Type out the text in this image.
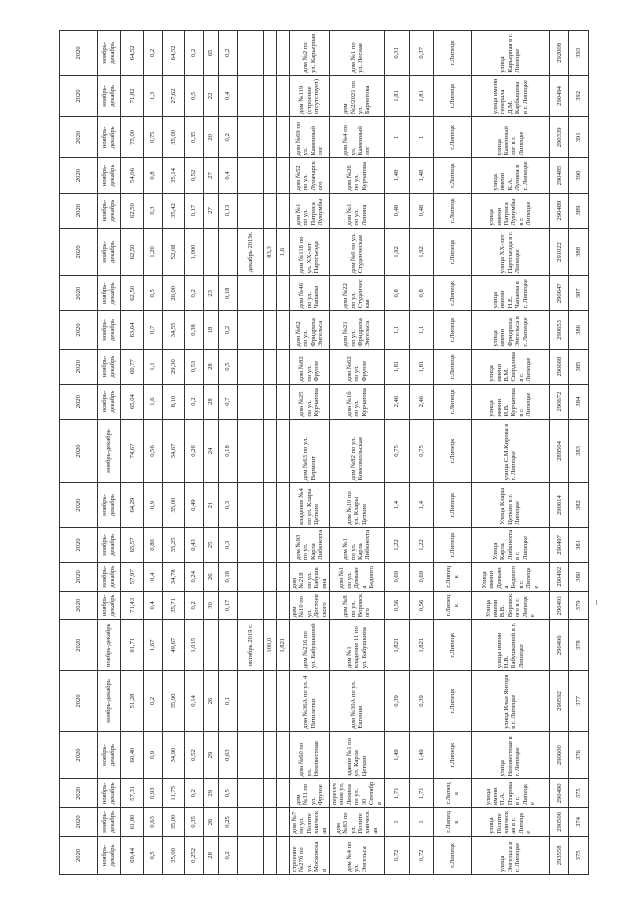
2020	2020	2020	2020	2020	2020	2020	2020	2020	2020	2020	2020	2020	2020	2020	2020	2020	2020	2020	2020	2020
ноябрь-декабрь	ноябрь-декабрь	ноябрь-декабрь	ноябрь-декабрь	ноябрь-декабрь	ноябрь-декабрь	ноябрь-декабрь	ноябрь-декабрь	ноябрь-декабрь	ноябрь-декабрь	ноябрь-декабрь	ноябрь-декабрь	ноябрь-декабрь	ноябрь-декабрь	ноябрь-декабрь	ноябрь-декабрь	ноябрь-декабрь	ноябрь-декабрь	ноябрь-декабрь	ноябрь-декабрь	ноябрь-декабрь
69,44	61,80	57,31	60,40	51,28	91,71	71,43	57,97	65,57	64,29	74,67	65,04	60,77	63,64	62,50	62,50	62,50	54,06	75,00	71,82	64,52
0,5	0,63	0,93	0,9	0,2	1,67	0,4	0,4	0,80	0,9	0,56	1,6	1,1	0,7	0,5	1,20	0,3	0,8	0,75	1,3	0,2
35,00	35,00	11,75	34,90	35,90	49,67	35,71	34,78	35,25	35,00	34,67	8,10	29,30	34,55	26,00	52,08	35,42	35,14	35,00	27,62	64,52
0,252	0,35	0,2	0,52	0,14	1,015	0,2	0,24	0,43	0,49	0,26	0,2	0,53	0,38	0,2	1,000	0,17	0,52	0,35	0,5	0,2
28	26	29	29	26		30	26	25	21	24	28	28	18	23		27	27	20	22	65
0,2	0,25	0,5	0,63	0,1		0,17	0,18	0,3	0,3	0,18	0,7	0,5	0,2	0,18		0,13	0,4	0,2	0,4	0,2
					октябрь 2019 г.										декабрь 2019г.					
					100,0										83,3					
					1,821										1,6					
строение №27б по ул. Московская	дом №7 по ул. Политехническая	дом №31 по ул. Фрунзе	дом №60 по ул. Неизвестная	дом №36А по ул. 4 Пятилетки	дом №216 по ул. Бабушкиной	дом №10 по ул. Достоевского	дом №218 по ул. Бабушкина	дом №93 по ул. Карла Либкнехта	владение №4 по ул. Клары Цеткин	дом №63 по ул. Вермонт	дом №25 по ул. Курчатова	дом №82 по ул. Фрунзе	дом №62 по ул. Фридриха Энгельса	дом №46 по ул. Чапаева	дом №118 по ул. XX-лет Партсъезда	дом №1 по ул. Патриса Лумумбы	дом №52 по ул. Луначарского	дом №69 по ул. Каменный лог	дом №119 (строение отсутствует)	дом №2 по ул. Карьерная
дом №4 по ул. Энгельса	дом №83 по ул. Политехническая	пересечение ул. Ленина по ул. 30 Сентября	здание №1 по ул. Карла Цеткин	дом №30А по ул. Евгения	дом №1 владение 11 по ул. Бабушкина	дом №8 по ул. Воровского	дом №1 по ул. Демьяна Бедного	дом №1 по ул. Карла Либкнехта	дом №10 по ул. Клары Цеткин	дом №82 по ул. Комсомольская	дом №1б по ул. Курчатова	дом №62 по ул. Фрунзе	дом №21 по ул. Фридриха Энгельса	дом №22 по ул. Студенческая	дом №6 по ул. Студенческая	дом №1 по ул. Ленина	дом №26 по ул. Курчатова	дом №4 по ул. Каменный лог	дом №2/2021 по ул. Барнетова	дом №1 по ул. Лесная
0,72	1	1,71	1,49	0,39	1,821	0,56	0,69	1,22	1,4	0,75	2,46	1,81	1,1	0,8	1,92	0,48	1,48	1	1,81	0,31
0,72	1	1,71	1,49	0,39	1,821	0,56	0,69	1,22	1,4	0,75	2,46	1,81	1,1	0,8	1,92	0,48	1,48	1	1,81	0,37
г.Липецк	г.Липецк	г.Липецк	г.Липецк	г.Липецк	г.Липецк	г.Липецк	г.Липецк	г.Липецк	г.Липецк	г.Липецк	г.Липецк	г.Липецк	г.Липецк	г.Липецк	г.Липецк	г.Липецк	г.Липецк	г.Липецк	г.Липецк	г.Липецк
улица Энгельса в г. Липецке	улица Политехническая в г. Липецке	улица имени П.А. Птарова в г. Липецке	улица Неизвестная в г. Липецке	улица Ильи Янгоря в г. Липецке	улица имени Н.В. Бабушкиной в г. Липецке	Улица имени В.В. Воровского в г. Липецке	Улица имени Демьяна Бедного в г. Липецке	Улица Карла Либкнехта в г. Липецке	Улица Клары Цеткин в г. Липецке	улица С.М.Кирова в г. Липецке	улица имени И.В. Курчатова в г. Липецке	улица имени В.М. Свердлова в г. Липецке	улица имени Фридриха Энгельса в г. Липецке	улица имени Н.Е. Чапаева в г. Липецке	улица XX-лет Партсъезда в г. Липецке	улица имени Патриса Лумумбы в г. Липецке	улица имени К.А. Лунина в г. Липецке	улица Каменный лог в г. Липецке	улица имени генерала Д.М. Карбышева в г. Липецке	улица Карьерная в г. Липецке
293558	290506	290490	290600	290592	290496	290491	290492	290497	290614	289504	290672	290668	290653	290647	291022	290489	290485	290339	290494	292008
375	374	375	376	377	378	379	380	381	382	383	384	385	386	387	388	389	390	391	392	393
